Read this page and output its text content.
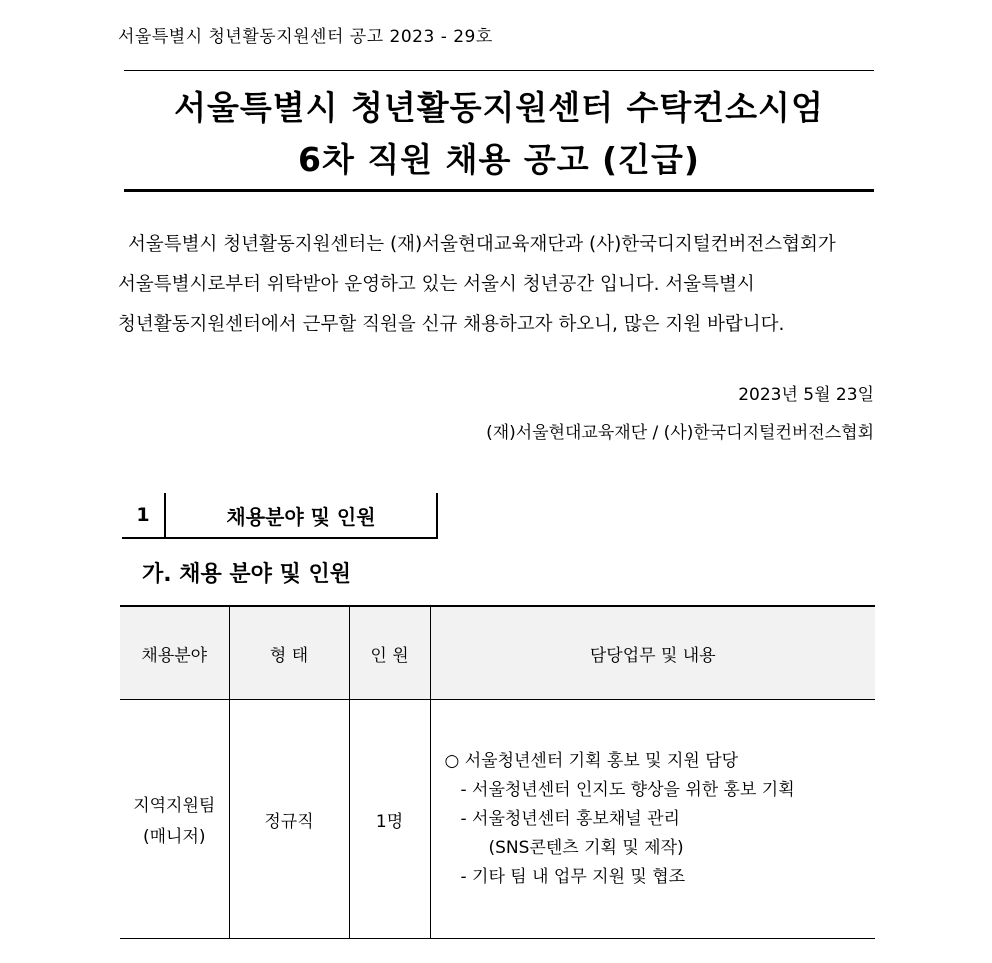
서울특별시 청년활동지원센터 공고 2023 - 29호
서울특별시 청년활동지원센터 수탁컨소시엄
6차 직원 채용 공고 (긴급)

서울특별시 청년활동지원센터는 (재)서울현대교육재단과 (사)한국디지털컨버전스협회가

서울특별시로부터 위탁받아 운영하고 있는 서울시 청년공간 입니다. 서울특별시

청년활동지원센터에서 근무할 직원을 신규 채용하고자 하오니, 많은 지원 바랍니다.

2023년 5월 23일
(재)서울현대교육재단 / (사)한국디지털컨버전스협회
1	채용분야 및 인원
가. 채용 분야 및 인원
채용분야	형 태	인 원	담당업무 및 내용

지역지원팀
(매니저)	정규직	1명	○ 서울청년센터 기획 홍보 및 지원 담당
- 서울청년센터 인지도 향상을 위한 홍보 기획
- 서울청년센터 홍보채널 관리
(SNS콘텐츠 기획 및 제작)
- 기타 팀 내 업무 지원 및 협조
